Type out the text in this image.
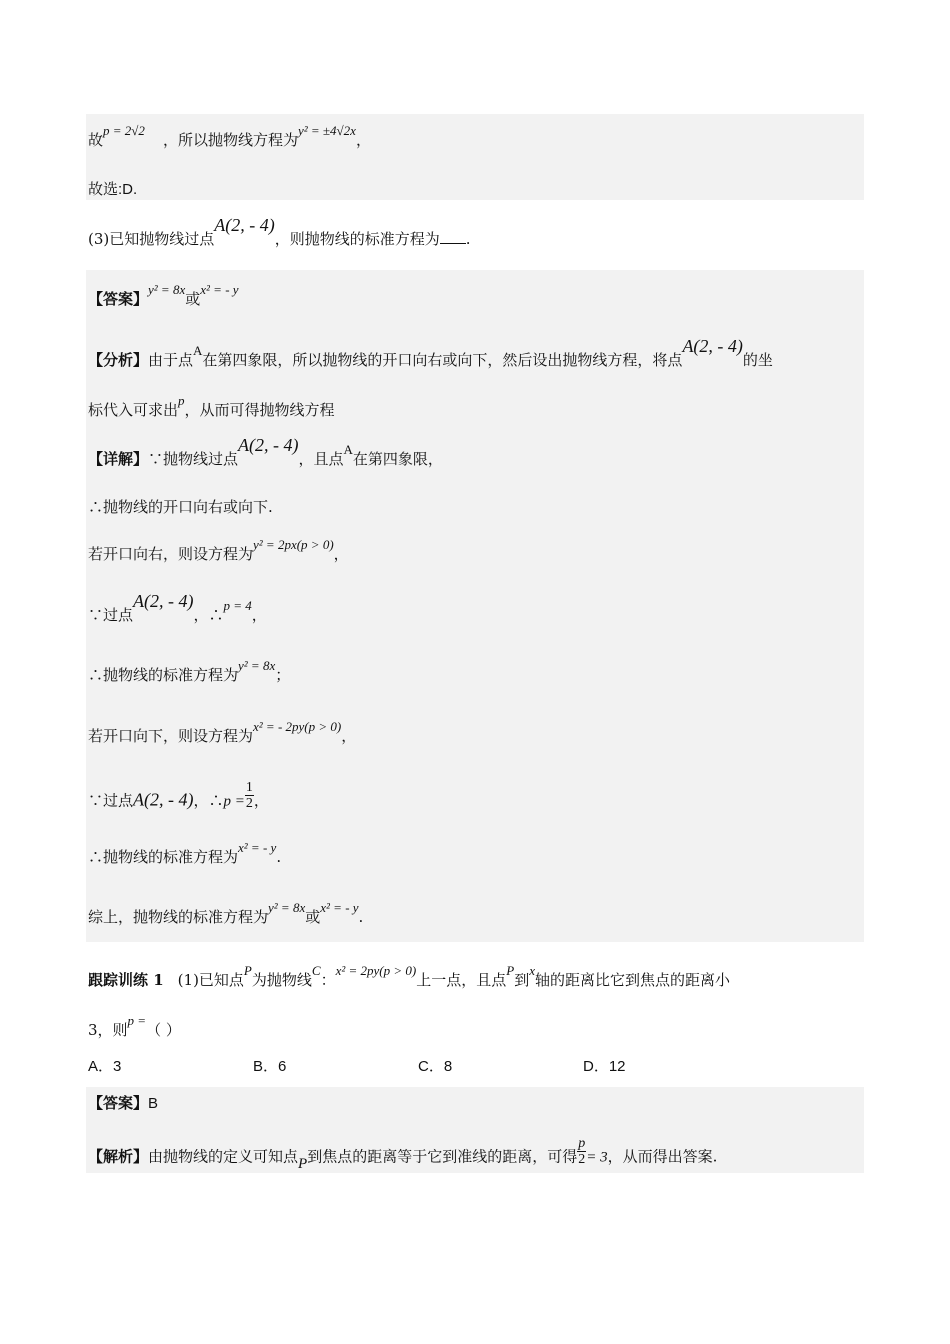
故p = 2√2，所以抛物线方程为y² = ±4√2x，
故选:D.
(3)已知抛物线过点A(2, - 4)，则抛物线的标准方程为 .
【答案】y² = 8x或x² = - y
【分析】由于点A在第四象限，所以抛物线的开口向右或向下，然后设出抛物线方程，将点A(2, - 4)的坐
标代入可求出p，从而可得抛物线方程
【详解】∵抛物线过点A(2, - 4)，且点A在第四象限，
∴抛物线的开口向右或向下.
若开口向右，则设方程为y² = 2px(p > 0)，
∵过点A(2, - 4)，∴p = 4，
∴抛物线的标准方程为y² = 8x；
若开口向下，则设方程为x² = - 2py(p > 0)，
∵过点A(2, - 4)，∴p = $\frac{1}{2}$ ，
∴抛物线的标准方程为x² = - y.
综上，抛物线的标准方程为y² = 8x或x² = - y.
跟踪训练 1 (1)已知点P为抛物线C：x² = 2py(p > 0)上一点，且点P到x轴的距离比它到焦点的距离小
3，则p =（ ）
A．3	B．6	C．8	D．12
【答案】B
【解析】由抛物线的定义可知点P到焦点的距离等于它到准线的距离，可得 $\frac{p}{2} = 3$，从而得出答案.
